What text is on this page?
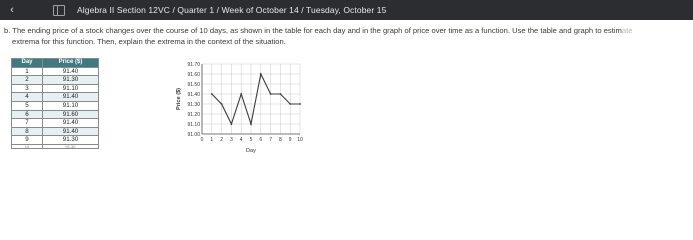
‹	Algebra II Section 12VC / Quarter 1 / Week of October 14 / Tuesday, October 15
b. The ending price of a stock changes over the course of 10 days, as shown in the table for each day and in the graph of price over time as a function. Use the table and graph to estimate
extrema for this function. Then, explain the extrema in the context of the situation.
Day	Price ($)
1	91.40
2	91.30
3	91.10
4	91.40
5	91.10
6	91.60
7	91.40
8	91.40
9	91.30
10	91.30
91.00
91.10
91.20
91.30
91.40
91.50
91.60
91.70
0 1 2 3 4 5 6 7 8 9 10
Day
Price ($)
